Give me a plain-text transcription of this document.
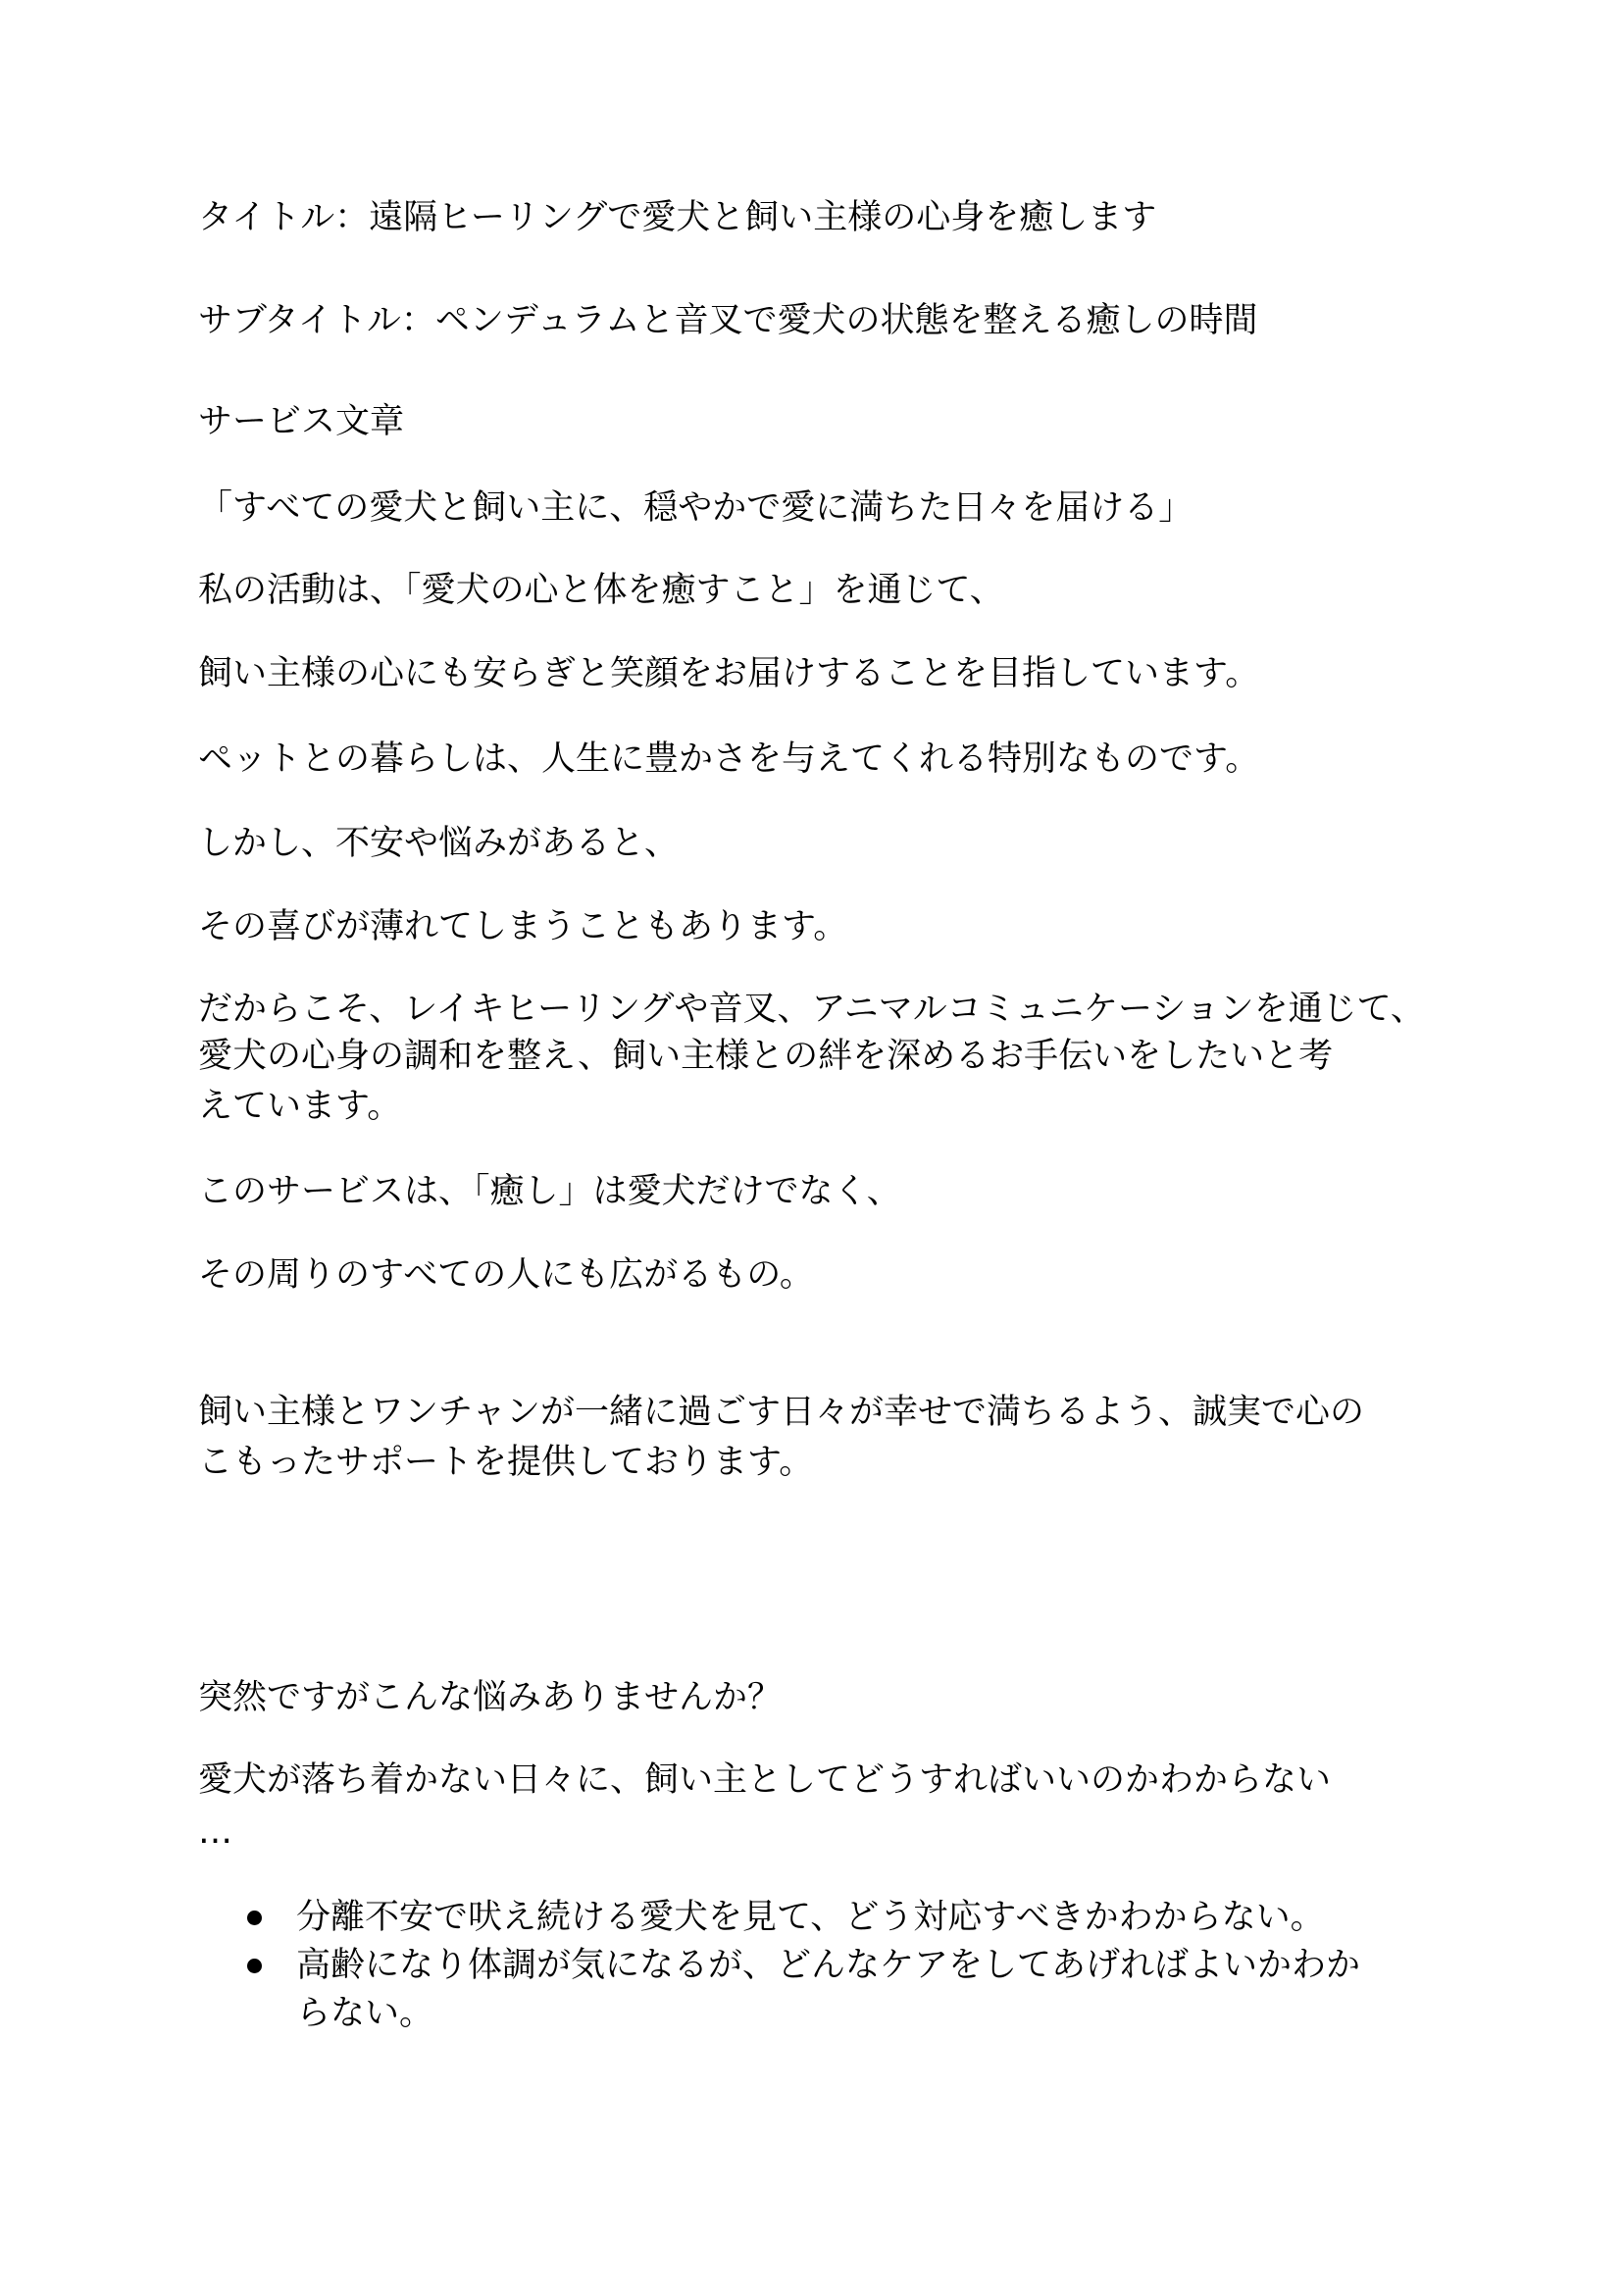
タイトル：遠隔ヒーリングで愛犬と飼い主様の心身を癒します
サブタイトル：ペンデュラムと音叉で愛犬の状態を整える癒しの時間
サービス文章
「すべての愛犬と飼い主に、穏やかで愛に満ちた日々を届ける」
私の活動は、「愛犬の心と体を癒すこと」を通じて、
飼い主様の心にも安らぎと笑顔をお届けすることを目指しています。
ペットとの暮らしは、人生に豊かさを与えてくれる特別なものです。
しかし、不安や悩みがあると、
その喜びが薄れてしまうこともあります。
だからこそ、レイキヒーリングや音叉、アニマルコミュニケーションを通じて、
愛犬の心身の調和を整え、飼い主様との絆を深めるお手伝いをしたいと考
えています。
このサービスは、「癒し」は愛犬だけでなく、
その周りのすべての人にも広がるもの。
飼い主様とワンチャンが一緒に過ごす日々が幸せで満ちるよう、誠実で心の
こもったサポートを提供しております。
突然ですがこんな悩みありませんか？
愛犬が落ち着かない日々に、飼い主としてどうすればいいのかわからない
…
分離不安で吠え続ける愛犬を見て、どう対応すべきかわからない。
高齢になり体調が気になるが、どんなケアをしてあげればよいかわか
らない。
